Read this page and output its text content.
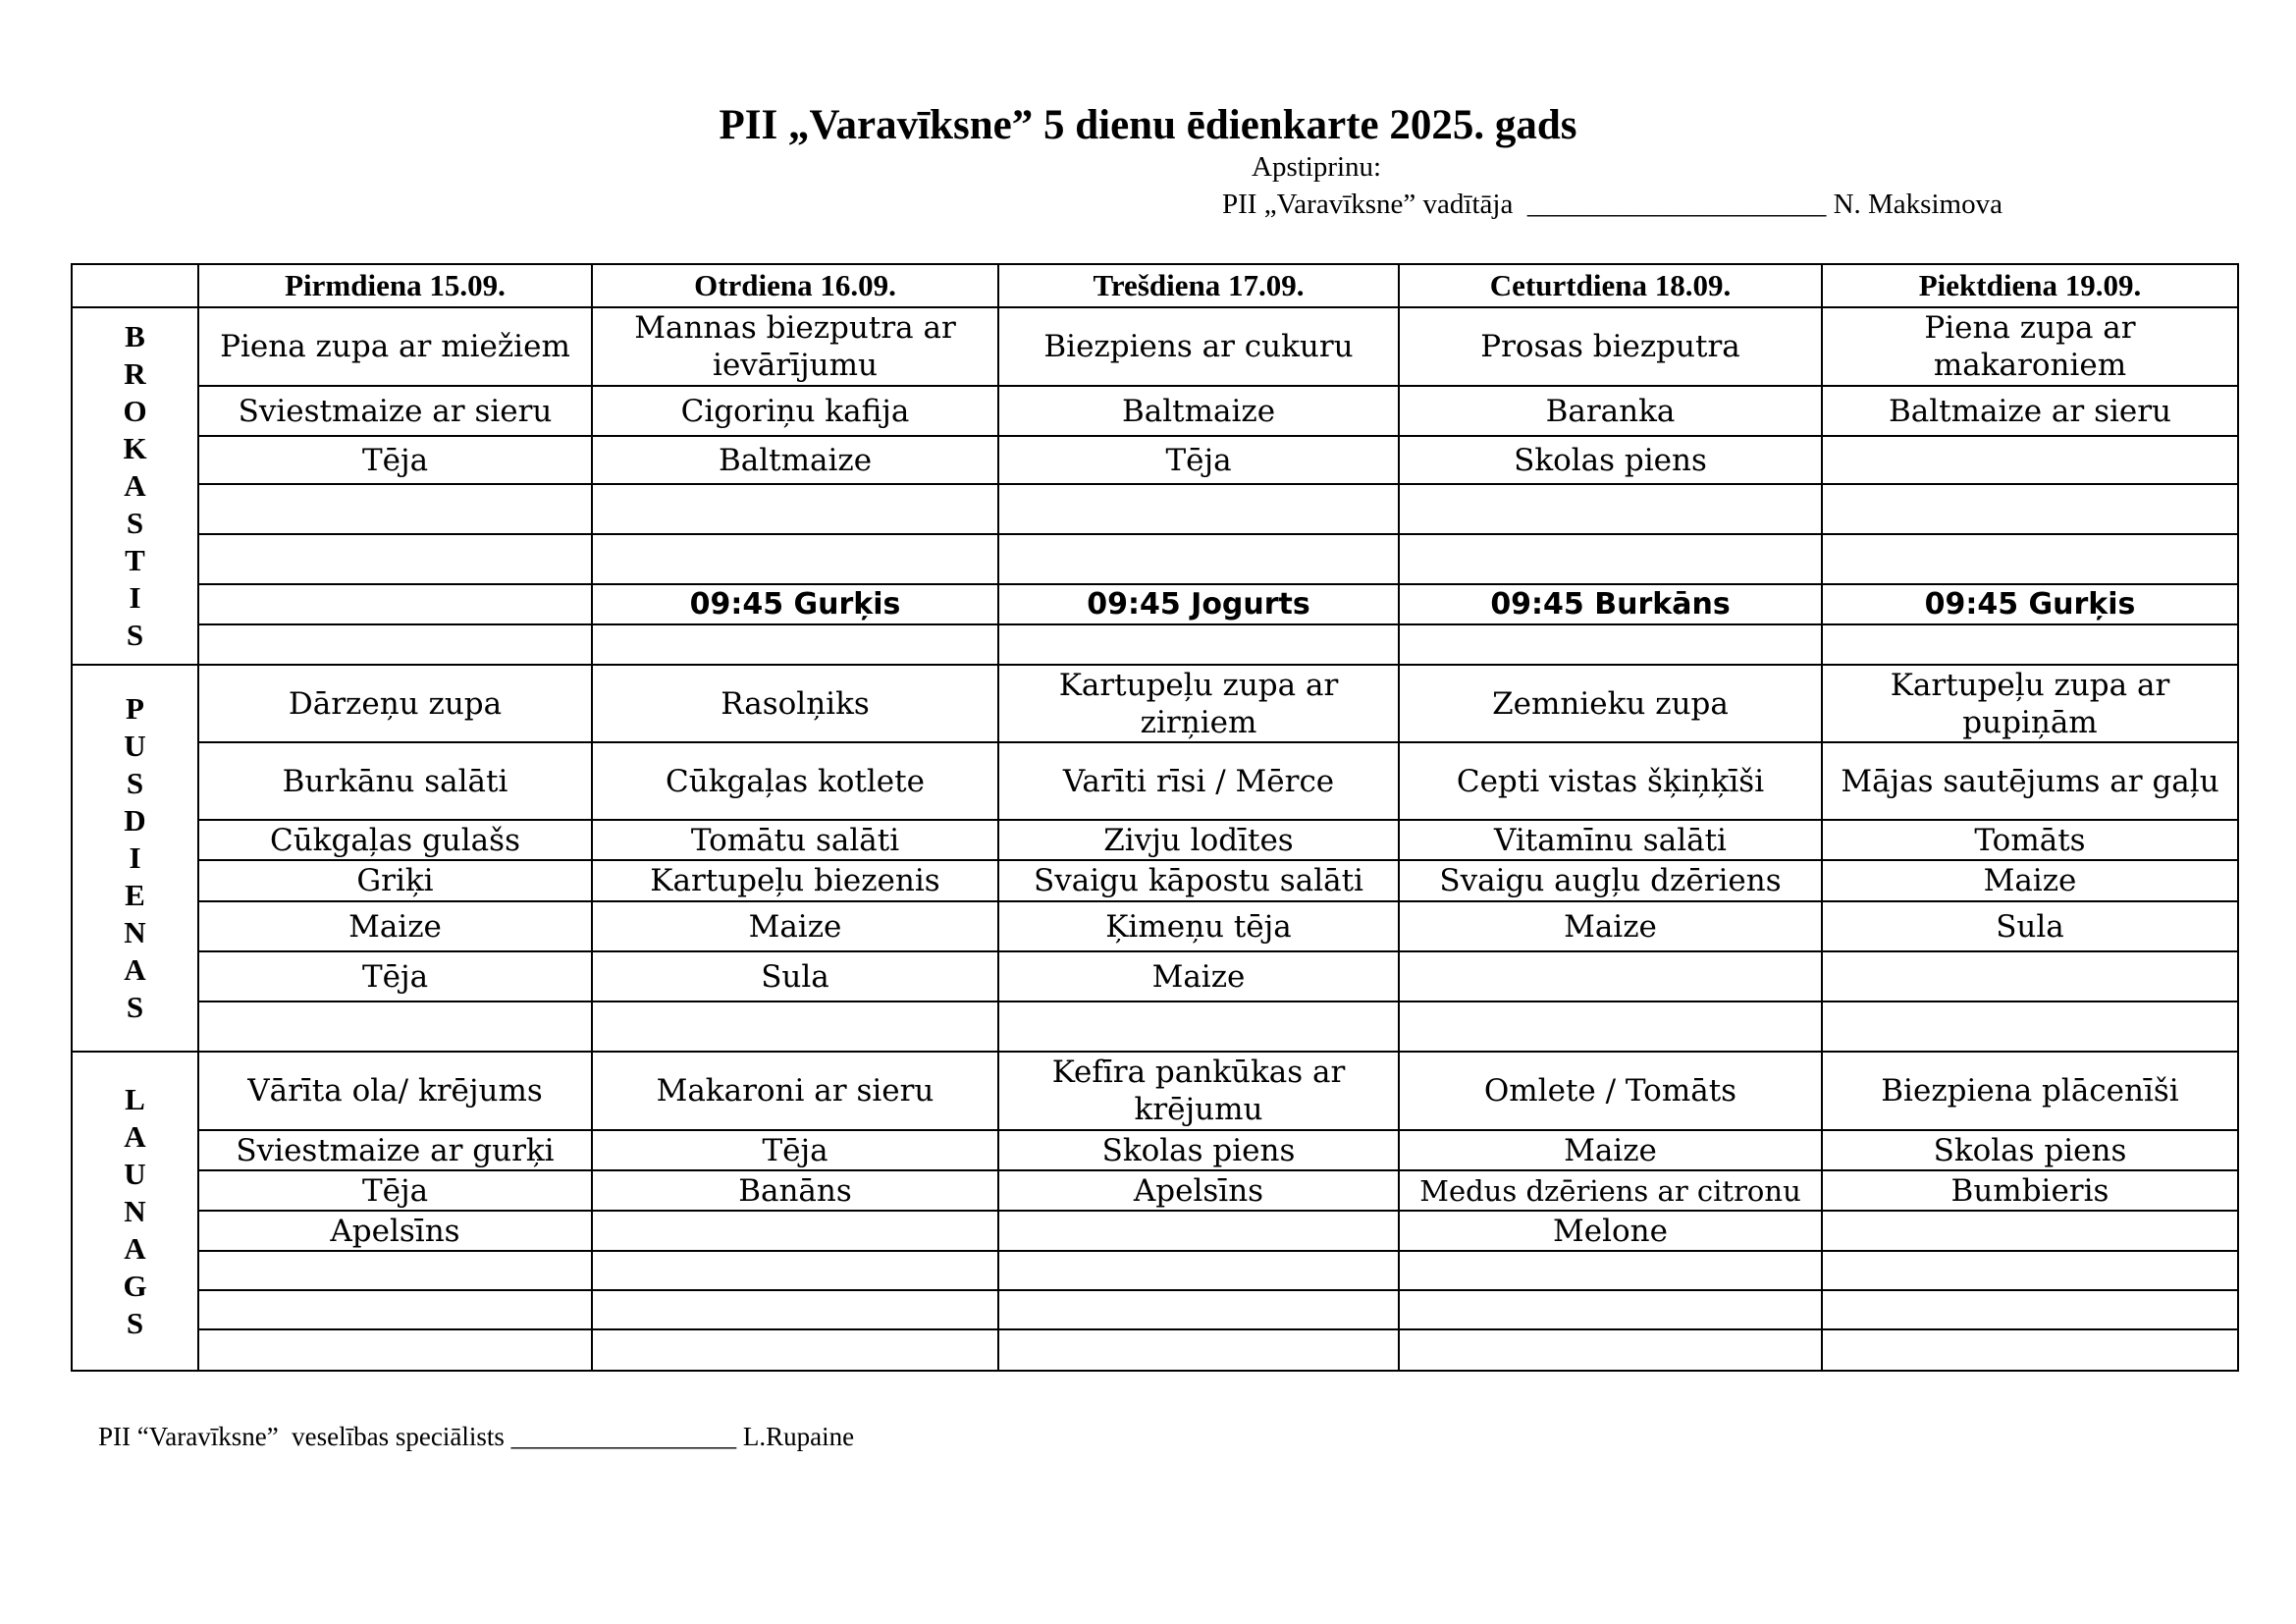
PII „Varavīksne” 5 dienu ēdienkarte 2025. gads
Apstiprinu:
PII „Varavīksne” vadītāja  _____________________ N. Maksimova
	Pirmdiena 15.09.	Otrdiena 16.09.	Trešdiena 17.09.	Ceturtdiena 18.09.	Piektdiena 19.09.

BROKASTIS	Piena zupa ar miežiem	Mannas biezputra ar ievārījumu	Biezpiens ar cukuru	Prosas biezputra	Piena zupa ar makaroniem
	Sviestmaize ar sieru	Cigoriņu kafija	Baltmaize	Baranka	Baltmaize ar sieru
	Tēja	Baltmaize	Tēja	Skolas piens	

		09:45 Gurķis	09:45 Jogurts	09:45 Burkāns	09:45 Gurķis

PUSDIENAS	Dārzeņu zupa	Rasolņiks	Kartupeļu zupa ar zirņiem	Zemnieku zupa	Kartupeļu zupa ar pupiņām
	Burkānu salāti	Cūkgaļas kotlete	Varīti rīsi / Mērce	Cepti vistas šķiņķīši	Mājas sautējums ar gaļu
	Cūkgaļas gulašs	Tomātu salāti	Zivju lodītes	Vitamīnu salāti	Tomāts
	Griķi	Kartupeļu biezenis	Svaigu kāpostu salāti	Svaigu augļu dzēriens	Maize
	Maize	Maize	Ķimeņu tēja	Maize	Sula
	Tēja	Sula	Maize		

LAUNAGS	Vārīta ola/ krējums	Makaroni ar sieru	Kefīra pankūkas ar krējumu	Omlete / Tomāts	Biezpiena plācenīši
	Sviestmaize ar gurķi	Tēja	Skolas piens	Maize	Skolas piens
	Tēja	Banāns	Apelsīns	Medus dzēriens ar citronu	Bumbieris
	Apelsīns			Melone	

PII “Varavīksne”  veselības speciālists _________________ L.Rupaine
